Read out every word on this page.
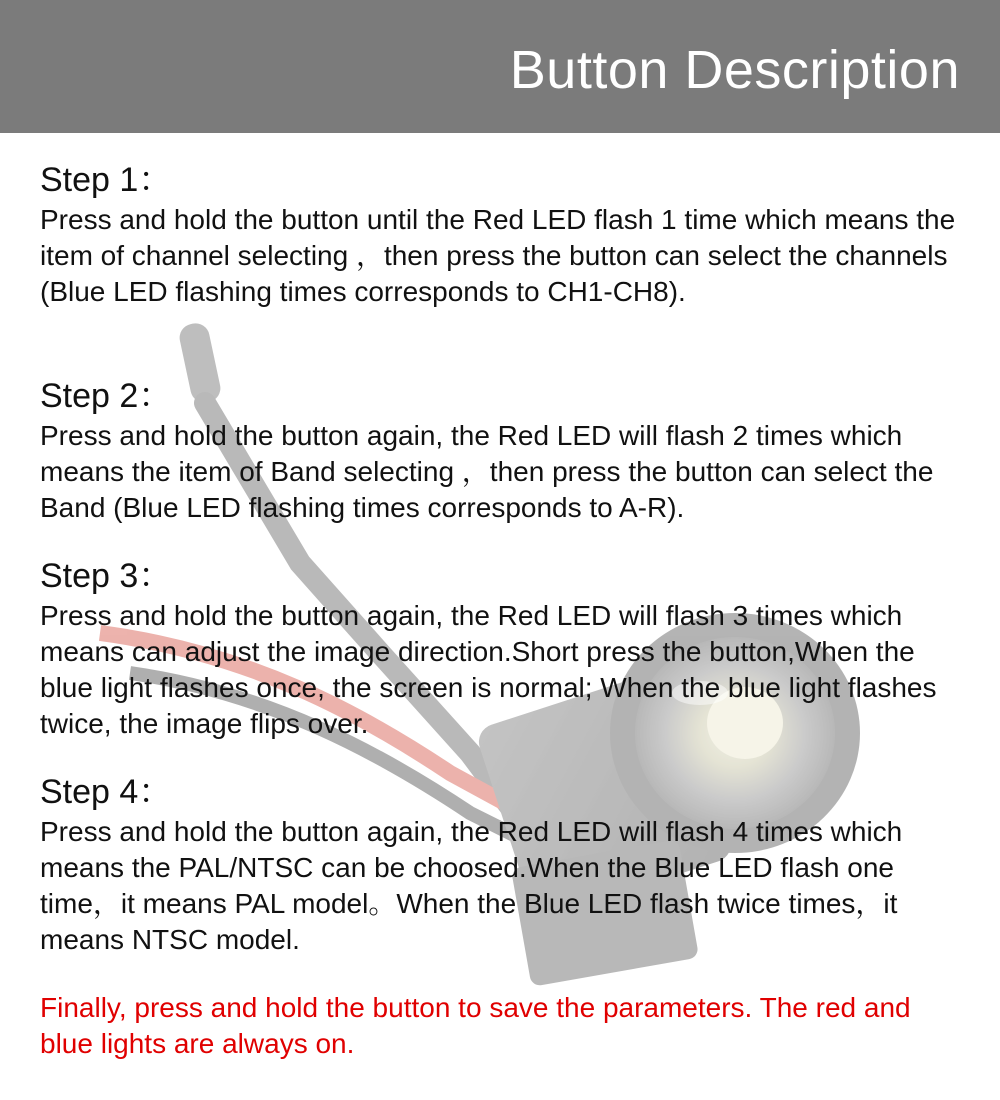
Button Description

Step 1：

Press and hold the button until the Red LED flash 1 time which means the item of channel selecting ，then press the button can select the channels (Blue LED flashing times corresponds to CH1-CH8).

Step 2：

Press and hold the button again, the Red LED will flash 2 times which means the item of Band selecting ，then press the button can select the Band (Blue LED flashing times corresponds to A-R).

Step 3：

Press and hold the button again, the Red LED will flash 3 times which means can adjust the image direction.Short press the button,When the blue light flashes once, the screen is normal; When the blue light flashes twice, the image flips over.

Step 4：

Press and hold the button again, the Red LED will flash 4 times which means the PAL/NTSC can be choosed.When the Blue LED flash one time，it means PAL model。When the Blue LED flash twice times，it means NTSC model.

Finally, press and hold the button to save the parameters. The red and blue lights are always on.
